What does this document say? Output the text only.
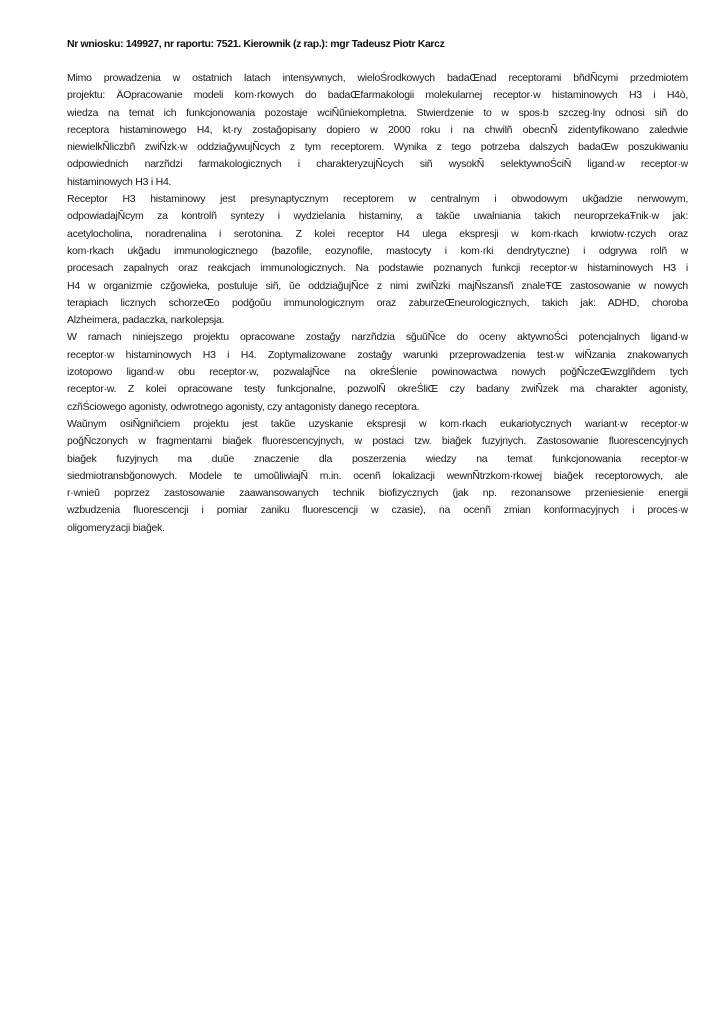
Nr wniosku: 149927, nr raportu: 7521. Kierownik (z rap.): mgr Tadeusz Piotr Karcz

Mimo prowadzenia w ostatnich latach intensywnych, wieloŚrodkowych badaŒnad receptorami bñdÑcymi przedmiotem
projektu: ÄOpracowanie modeli kom·rkowych do badaŒfarmakologii molekularnej receptor·w histaminowych H3 i H4ò,
wiedza na temat ich funkcjonowania pozostaje wciÑŭniekompletna. Stwierdzenie to w spos·b szczeg·lny odnosi siñ do
receptora histaminowego H4, kt·ry zostağopisany dopiero w 2000 roku i na chwilñ obecnÑ zidentyfikowano zaledwie
niewielkÑliczbñ zwiÑzk·w oddziağywujÑcych z tym receptorem. Wynika z tego potrzeba dalszych badaŒw poszukiwaniu
odpowiednich narzñdzi farmakologicznych i charakteryzujÑcych siñ wysokÑ selektywnoŚciÑ ligand·w receptor·w
histaminowych H3 i H4.

Receptor H3 histaminowy jest presynaptycznym receptorem w centralnym i obwodowym ukğadzie nerwowym,
odpowiadajÑcym za kontrolñ syntezy i wydzielania histaminy, a takŭe uwalniania takich neuroprzekaŦnik·w jak:
acetylocholina, noradrenalina i serotonina. Z kolei receptor H4 ulega ekspresji w kom·rkach krwiotw·rczych oraz
kom·rkach ukğadu immunologicznego (bazofile, eozynofile, mastocyty i kom·rki dendrytyczne) i odgrywa rolñ w
procesach zapalnych oraz reakcjach immunologicznych. Na podstawie poznanych funkcji receptor·w histaminowych H3 i
H4 w organizmie czğowieka, postuluje siñ, ŭe oddziağujÑce z nimi zwiÑzki majÑszansñ znaleŦŒ zastosowanie w nowych
terapiach licznych schorzeŒo podğoŭu immunologicznym oraz zaburzeŒneurologicznych, takich jak: ADHD, choroba
Alzheimera, padaczka, narkolepsja.

W ramach niniejszego projektu opracowane zostağy narzñdzia sğuŭÑce do oceny aktywnoŚci potencjalnych ligand·w
receptor·w histaminowych H3 i H4. Zoptymalizowane zostağy warunki przeprowadzenia test·w wiÑzania znakowanych
izotopowo ligand·w obu receptor·w, pozwalajÑce na okreŚlenie powinowactwa nowych poğÑczeŒwzglñdem tych
receptor·w. Z kolei opracowane testy funkcjonalne, pozwolÑ okreŚliŒ czy badany zwiÑzek ma charakter agonisty,
czñŚciowego agonisty, odwrotnego agonisty, czy antagonisty danego receptora.

Waŭnym osiÑgniñciem projektu jest takŭe uzyskanie ekspresji w kom·rkach eukariotycznych wariant·w receptor·w
poğÑczonych w fragmentami biağek fluorescencyjnych, w postaci tzw. biağek fuzyjnych. Zastosowanie fluorescencyjnych
biağek fuzyjnych ma duŭe znaczenie dla poszerzenia wiedzy na temat funkcjonowania receptor·w
siedmiotransbğonowych. Modele te umoŭliwiajÑ m.in. ocenñ lokalizacji wewnÑtrzkom·rkowej biağek receptorowych, ale
r·wnieŭ poprzez zastosowanie zaawansowanych technik biofizycznych (jak np. rezonansowe przeniesienie energii
wzbudzenia fluorescencji i pomiar zaniku fluorescencji w czasie), na ocenñ zmian konformacyjnych i proces·w
oligomeryzacji biağek.
